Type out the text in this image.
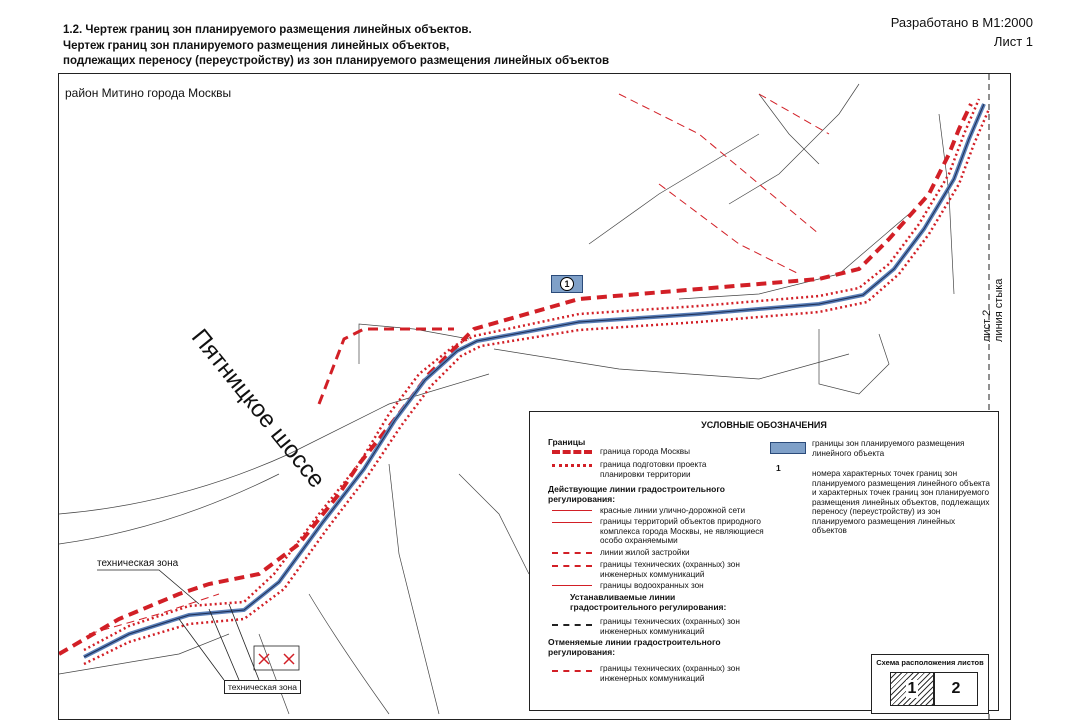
1.2. Чертеж границ зон планируемого размещения линейных объектов.
Чертеж границ зон планируемого размещения линейных объектов,
подлежащих переносу (переустройству) из зон планируемого размещения линейных объектов
Разработано в М1:2000
Лист 1
район Митино города Москвы
Пятницкое шоссе	лист 2 линия стыка
техническая зона
техническая зона
1
УСЛОВНЫЕ ОБОЗНАЧЕНИЯ
Границы
граница города Москвы
граница подготовки проекта планировки территории
Действующие линии градостроительного регулирования:
красные линии улично-дорожной сети
границы территорий объектов природного комплекса города Москвы, не являющиеся особо охраняемыми
линии жилой застройки
границы технических (охранных) зон инженерных коммуникаций
границы водоохранных зон
Устанавливаемые линии градостроительного регулирования:
границы технических (охранных) зон инженерных коммуникаций
Отменяемые линии градостроительного регулирования:
границы технических (охранных) зон инженерных коммуникаций
границы зон планируемого размещения линейного объекта
1
номера характерных точек границ зон планируемого размещения линейного объекта и характерных точек границ зон планируемого размещения линейных объектов, подлежащих переносу (переустройству) из зон планируемого размещения линейных объектов
Схема расположения листов
1 2
